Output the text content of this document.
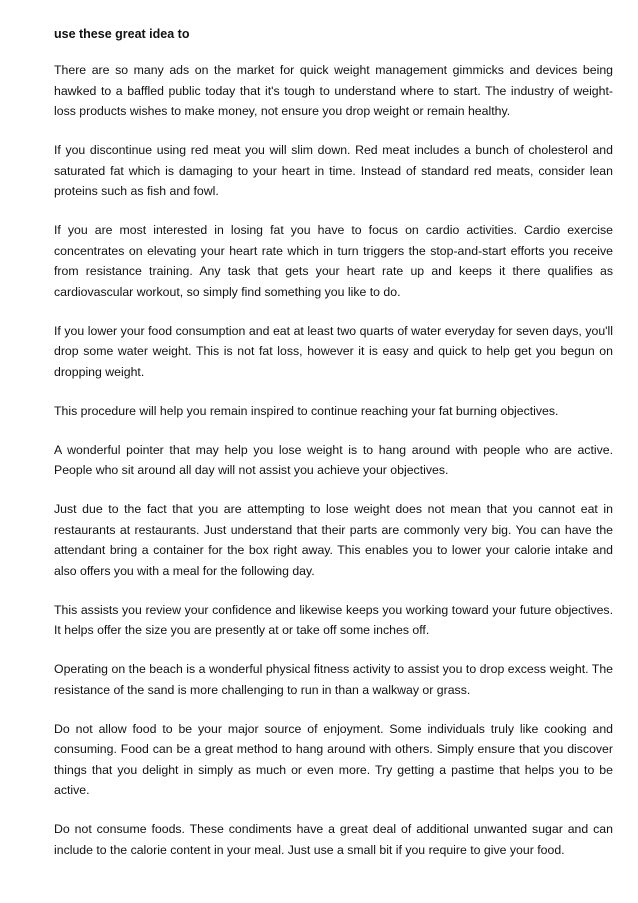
use these great idea to

There are so many ads on the market for quick weight management gimmicks and devices being hawked to a baffled public today that it's tough to understand where to start. The industry of weight-loss products wishes to make money, not ensure you drop weight or remain healthy.

If you discontinue using red meat you will slim down. Red meat includes a bunch of cholesterol and saturated fat which is damaging to your heart in time. Instead of standard red meats, consider lean proteins such as fish and fowl.

If you are most interested in losing fat you have to focus on cardio activities. Cardio exercise concentrates on elevating your heart rate which in turn triggers the stop-and-start efforts you receive from resistance training. Any task that gets your heart rate up and keeps it there qualifies as cardiovascular workout, so simply find something you like to do.

If you lower your food consumption and eat at least two quarts of water everyday for seven days, you'll drop some water weight. This is not fat loss, however it is easy and quick to help get you begun on dropping weight.

This procedure will help you remain inspired to continue reaching your fat burning objectives.

A wonderful pointer that may help you lose weight is to hang around with people who are active. People who sit around all day will not assist you achieve your objectives.

Just due to the fact that you are attempting to lose weight does not mean that you cannot eat in restaurants at restaurants. Just understand that their parts are commonly very big. You can have the attendant bring a container for the box right away. This enables you to lower your calorie intake and also offers you with a meal for the following day.

This assists you review your confidence and likewise keeps you working toward your future objectives. It helps offer the size you are presently at or take off some inches off.

Operating on the beach is a wonderful physical fitness activity to assist you to drop excess weight. The resistance of the sand is more challenging to run in than a walkway or grass.

Do not allow food to be your major source of enjoyment. Some individuals truly like cooking and consuming. Food can be a great method to hang around with others. Simply ensure that you discover things that you delight in simply as much or even more. Try getting a pastime that helps you to be active.

Do not consume foods. These condiments have a great deal of additional unwanted sugar and can include to the calorie content in your meal. Just use a small bit if you require to give your food.
